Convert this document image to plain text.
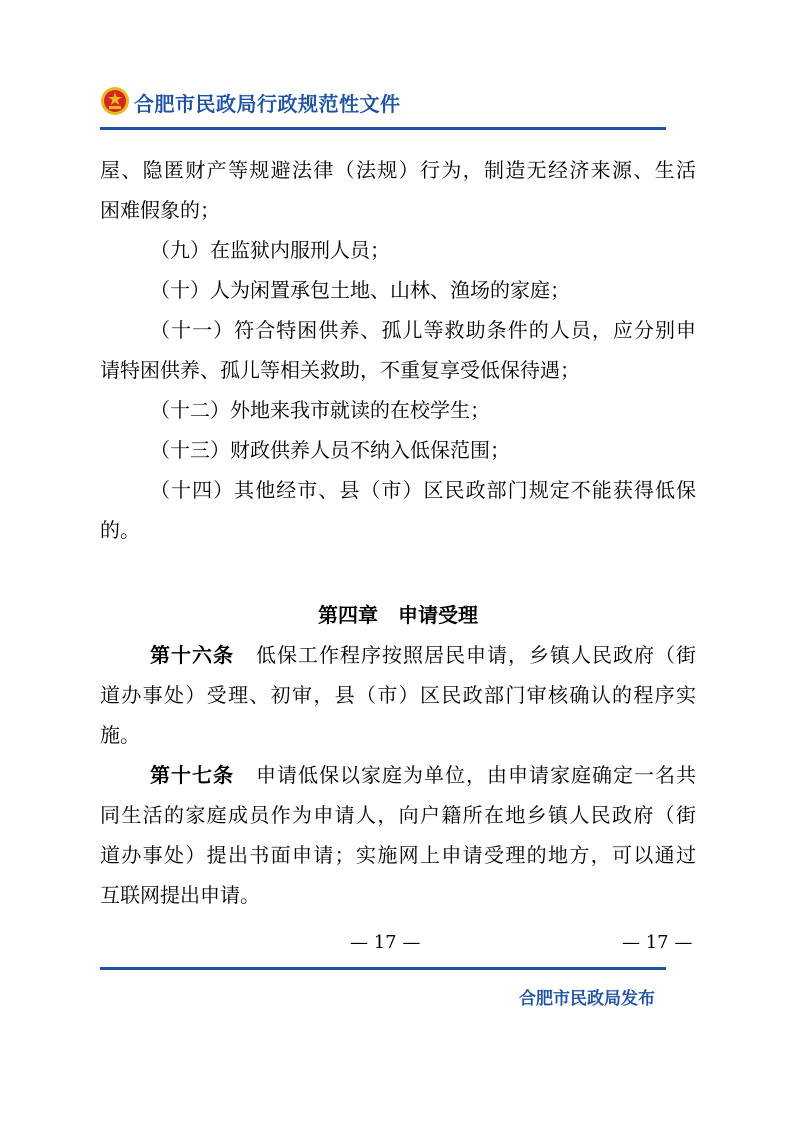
合肥市民政局行政规范性文件
屋、隐匿财产等规避法律（法规）行为，制造无经济来源、生活
困难假象的；
（九）在监狱内服刑人员；
（十）人为闲置承包土地、山林、渔场的家庭；
（十一）符合特困供养、孤儿等救助条件的人员，应分别申
请特困供养、孤儿等相关救助，不重复享受低保待遇；
（十二）外地来我市就读的在校学生；
（十三）财政供养人员不纳入低保范围；
（十四）其他经市、县（市）区民政部门规定不能获得低保
的。
第四章　申请受理
第十六条 低保工作程序按照居民申请，乡镇人民政府（街
道办事处）受理、初审，县（市）区民政部门审核确认的程序实
施。
第十七条 申请低保以家庭为单位，由申请家庭确定一名共
同生活的家庭成员作为申请人，向户籍所在地乡镇人民政府（街
道办事处）提出书面申请；实施网上申请受理的地方，可以通过
互联网提出申请。
— 17 —	— 17 —
合肥市民政局发布
